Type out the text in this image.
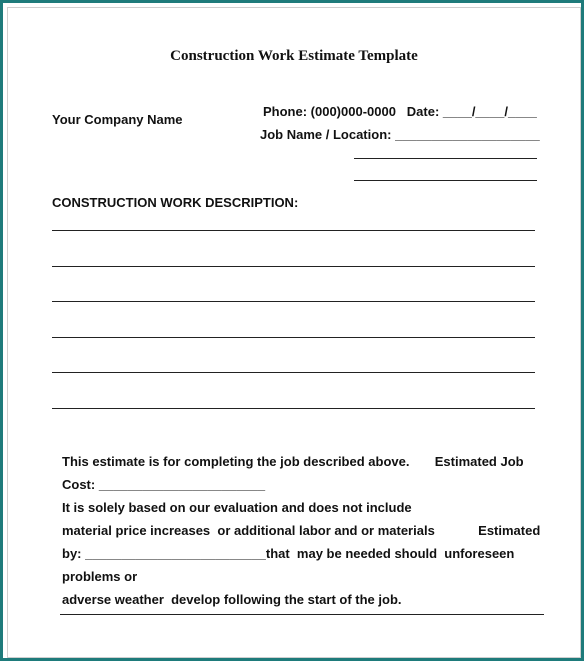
Construction Work Estimate Template
Your Company Name
Phone: (000)000-0000   Date: ____/____/____
Job Name / Location: ____________________
CONSTRUCTION WORK DESCRIPTION:
This estimate is for completing the job described above.       Estimated Job
Cost: _______________________
It is solely based on our evaluation and does not include
material price increases  or additional labor and or materials            Estimated
by: _________________________that  may be needed should  unforeseen
problems or
adverse weather  develop following the start of the job.
